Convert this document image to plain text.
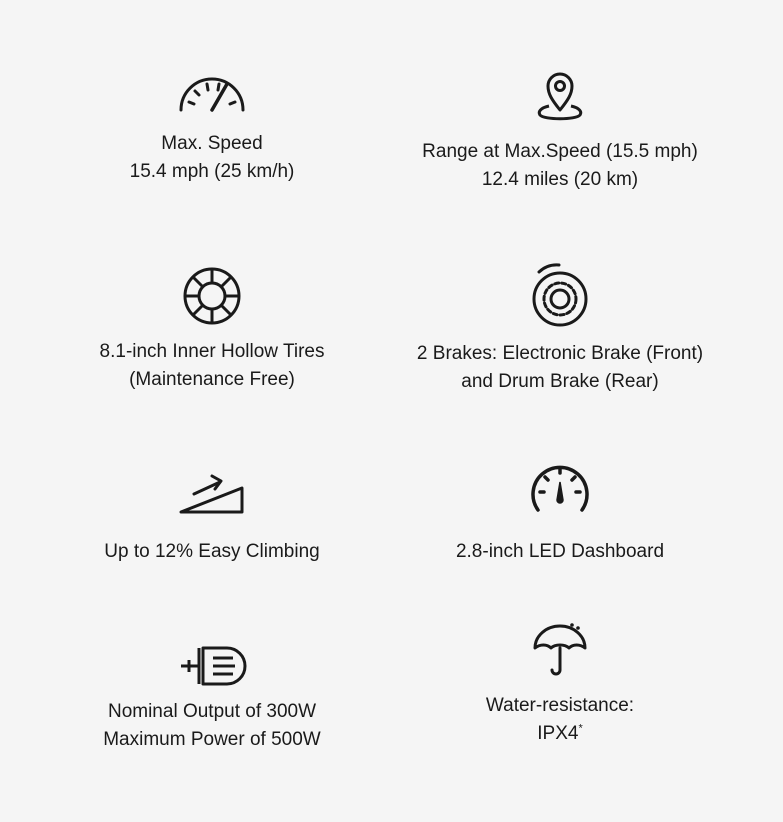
Max. Speed
15.4 mph (25 km/h)
Range at Max.Speed (15.5 mph)
12.4 miles (20 km)
8.1-inch Inner Hollow Tires
(Maintenance Free)
2 Brakes: Electronic Brake (Front)
and Drum Brake (Rear)
Up to 12% Easy Climbing	2.8-inch LED Dashboard
Nominal Output of 300W
Maximum Power of 500W
Water-resistance:
IPX4*
